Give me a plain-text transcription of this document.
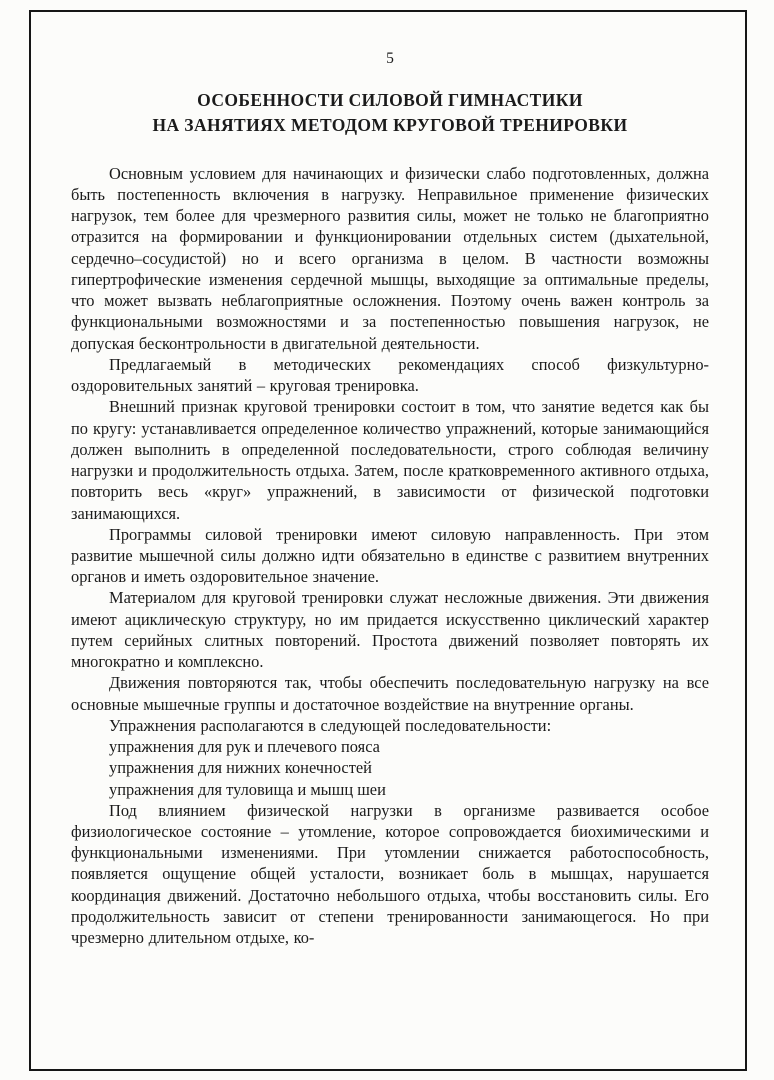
5

ОСОБЕННОСТИ СИЛОВОЙ ГИМНАСТИКИ
НА ЗАНЯТИЯХ МЕТОДОМ КРУГОВОЙ ТРЕНИРОВКИ

Основным условием для начинающих и физически слабо подготовленных, должна быть постепенность включения в нагрузку. Неправильное применение физических нагрузок, тем более для чрезмерного развития силы, может не только не благоприятно отразится на формировании и функционировании отдельных систем (дыхательной, сердечно–сосудистой) но и всего организма в целом. В частности возможны гипертрофические изменения сердечной мышцы, выходящие за оптимальные пределы, что может вызвать неблагоприятные осложнения. Поэтому очень важен контроль за функциональными возможностями и за постепенностью повышения нагрузок, не допуская бесконтрольности в двигательной деятельности.

Предлагаемый в методических рекомендациях способ физкультурно-оздоровительных занятий – круговая тренировка.

Внешний признак круговой тренировки состоит в том, что занятие ведется как бы по кругу: устанавливается определенное количество упражнений, которые занимающийся должен выполнить в определенной последовательности, строго соблюдая величину нагрузки и продолжительность отдыха. Затем, после кратковременного активного отдыха, повторить весь «круг» упражнений, в зависимости от физической подготовки занимающихся.

Программы силовой тренировки имеют силовую направленность. При этом развитие мышечной силы должно идти обязательно в единстве с развитием внутренних органов и иметь оздоровительное значение.

Материалом для круговой тренировки служат несложные движения. Эти движения имеют ациклическую структуру, но им придается искусственно циклический характер путем серийных слитных повторений. Простота движений позволяет повторять их многократно и комплексно.

Движения повторяются так, чтобы обеспечить последовательную нагрузку на все основные мышечные группы и достаточное воздействие на внутренние органы.

Упражнения располагаются в следующей последовательности:

упражнения для рук и плечевого пояса

упражнения для нижних конечностей

упражнения для туловища и мышц шеи

Под влиянием физической нагрузки в организме развивается особое физиологическое состояние – утомление, которое сопровождается биохимическими и функциональными изменениями. При утомлении снижается работоспособность, появляется ощущение общей усталости, возникает боль в мышцах, нарушается координация движений. Достаточно небольшого отдыха, чтобы восстановить силы. Его продолжительность зависит от степени тренированности занимающегося. Но при чрезмерно длительном отдыхе, ко-
